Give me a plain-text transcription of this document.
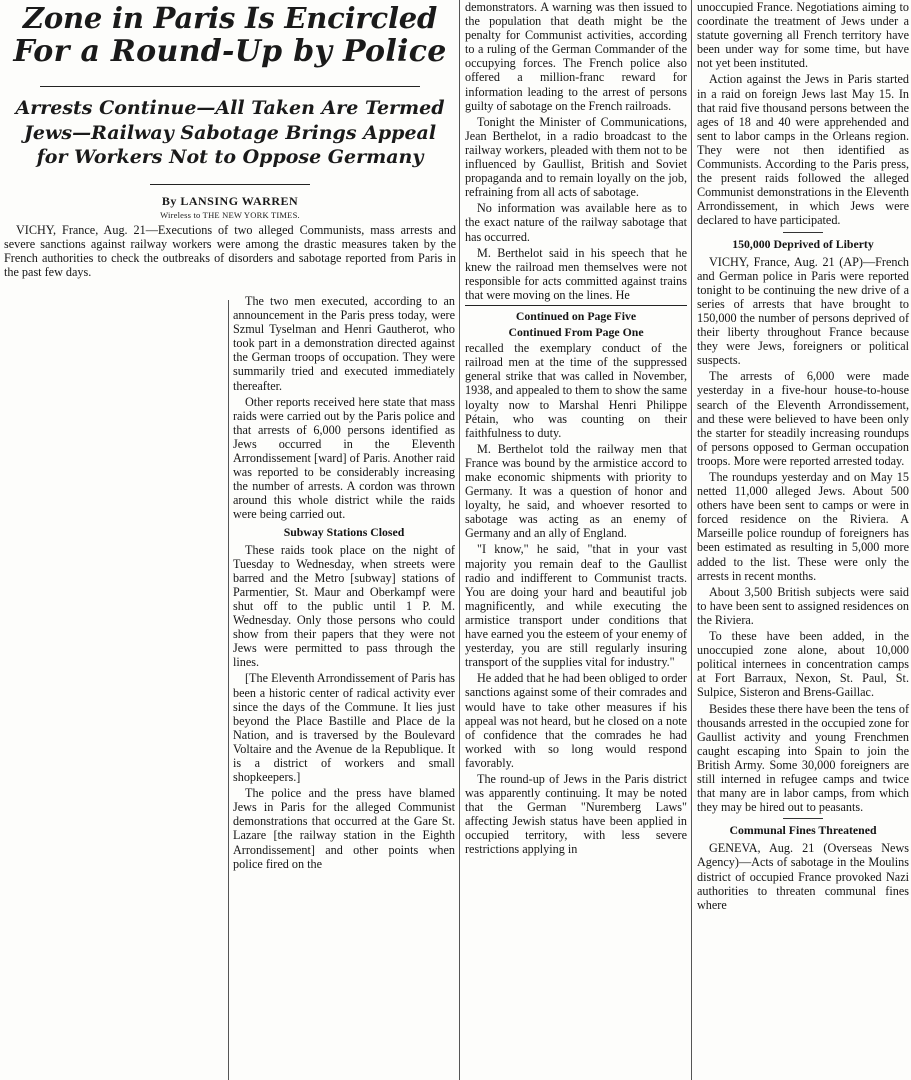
Zone in Paris Is Encircled
For a Round-Up by Police
Arrests Continue—All Taken Are Termed
Jews—Railway Sabotage Brings Appeal
for Workers Not to Oppose Germany
By LANSING WARREN
Wireless to THE NEW YORK TIMES.

VICHY, France, Aug. 21—Executions of two alleged Communists, mass arrests and severe sanctions against railway workers were among the drastic measures taken by the French authorities to check the outbreaks of disorders and sabotage reported from Paris in the past few days.

The two men executed, according to an announcement in the Paris press today, were Szmul Tyselman and Henri Gautherot, who took part in a demonstration directed against the German troops of occupation. They were summarily tried and executed immediately thereafter.

Other reports received here state that mass raids were carried out by the Paris police and that arrests of 6,000 persons identified as Jews occurred in the Eleventh Arrondissement [ward] of Paris. Another raid was reported to be considerably increasing the number of arrests. A cordon was thrown around this whole district while the raids were being carried out.

Subway Stations Closed

These raids took place on the night of Tuesday to Wednesday, when streets were barred and the Metro [subway] stations of Parmentier, St. Maur and Oberkampf were shut off to the public until 1 P. M. Wednesday. Only those persons who could show from their papers that they were not Jews were permitted to pass through the lines.

[The Eleventh Arrondissement of Paris has been a historic center of radical activity ever since the days of the Commune. It lies just beyond the Place Bastille and Place de la Nation, and is traversed by the Boulevard Voltaire and the Avenue de la Republique. It is a district of workers and small shopkeepers.]

The police and the press have blamed Jews in Paris for the alleged Communist demonstrations that occurred at the Gare St. Lazare [the railway station in the Eighth Arrondissement] and other points when police fired on the

demonstrators. A warning was then issued to the population that death might be the penalty for Communist activities, according to a ruling of the German Commander of the occupying forces. The French police also offered a million-franc reward for information leading to the arrest of persons guilty of sabotage on the French railroads.

Tonight the Minister of Communications, Jean Berthelot, in a radio broadcast to the railway workers, pleaded with them not to be influenced by Gaullist, British and Soviet propaganda and to remain loyally on the job, refraining from all acts of sabotage.

No information was available here as to the exact nature of the railway sabotage that has occurred.

M. Berthelot said in his speech that he knew the railroad men themselves were not responsible for acts committed against trains that were moving on the lines. He

Continued on Page Five
Continued From Page One

recalled the exemplary conduct of the railroad men at the time of the suppressed general strike that was called in November, 1938, and appealed to them to show the same loyalty now to Marshal Henri Philippe Pétain, who was counting on their faithfulness to duty.

M. Berthelot told the railway men that France was bound by the armistice accord to make economic shipments with priority to Germany. It was a question of honor and loyalty, he said, and whoever resorted to sabotage was acting as an enemy of Germany and an ally of England.

"I know," he said, "that in your vast majority you remain deaf to the Gaullist radio and indifferent to Communist tracts. You are doing your hard and beautiful job magnificently, and while executing the armistice transport under conditions that have earned you the esteem of your enemy of yesterday, you are still regularly insuring transport of the supplies vital for industry."

He added that he had been obliged to order sanctions against some of their comrades and would have to take other measures if his appeal was not heard, but he closed on a note of confidence that the comrades he had worked with so long would respond favorably.

The round-up of Jews in the Paris district was apparently continuing. It may be noted that the German "Nuremberg Laws" affecting Jewish status have been applied in occupied territory, with less severe restrictions applying in

unoccupied France. Negotiations aiming to coordinate the treatment of Jews under a statute governing all French territory have been under way for some time, but have not yet been instituted.

Action against the Jews in Paris started in a raid on foreign Jews last May 15. In that raid five thousand persons between the ages of 18 and 40 were apprehended and sent to labor camps in the Orleans region. They were not then identified as Communists. According to the Paris press, the present raids followed the alleged Communist demonstrations in the Eleventh Arrondissement, in which Jews were declared to have participated.

150,000 Deprived of Liberty

VICHY, France, Aug. 21 (AP)—French and German police in Paris were reported tonight to be continuing the new drive of a series of arrests that have brought to 150,000 the number of persons deprived of their liberty throughout France because they were Jews, foreigners or political suspects.

The arrests of 6,000 were made yesterday in a five-hour house-to-house search of the Eleventh Arrondissement, and these were believed to have been only the starter for steadily increasing roundups of persons opposed to German occupation troops. More were reported arrested today.

The roundups yesterday and on May 15 netted 11,000 alleged Jews. About 500 others have been sent to camps or were in forced residence on the Riviera. A Marseille police roundup of foreigners has been estimated as resulting in 5,000 more added to the list. These were only the arrests in recent months.

About 3,500 British subjects were said to have been sent to assigned residences on the Riviera.

To these have been added, in the unoccupied zone alone, about 10,000 political internees in concentration camps at Fort Barraux, Nexon, St. Paul, St. Sulpice, Sisteron and Brens-Gaillac.

Besides these there have been the tens of thousands arrested in the occupied zone for Gaullist activity and young Frenchmen caught escaping into Spain to join the British Army. Some 30,000 foreigners are still interned in refugee camps and twice that many are in labor camps, from which they may be hired out to peasants.

Communal Fines Threatened

GENEVA, Aug. 21 (Overseas News Agency)—Acts of sabotage in the Moulins district of occupied France provoked Nazi authorities to threaten communal fines where
